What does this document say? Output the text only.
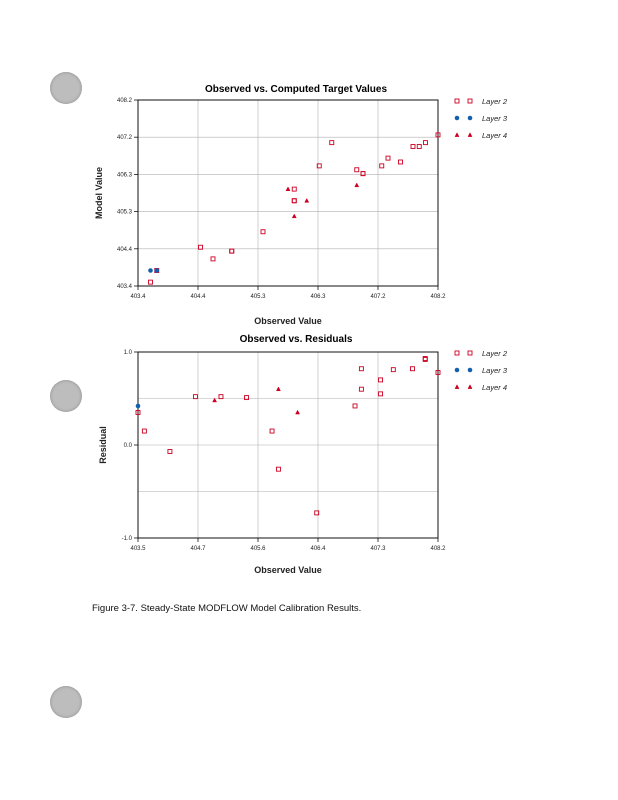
403.4	404.4	405.3	406.3	407.2	408.2
403.4
404.4
405.3
406.3
407.2
408.2
Observed vs. Computed Target Values
Observed Value
Model Value
Layer 2
Layer 3
Layer 4
403.5	404.7	405.6	406.4	407.3	408.2
-1.0
0.0
1.0
Observed vs. Residuals
Observed Value
Residual
Layer 2
Layer 3
Layer 4
Figure 3-7. Steady-State MODFLOW Model Calibration Results.
